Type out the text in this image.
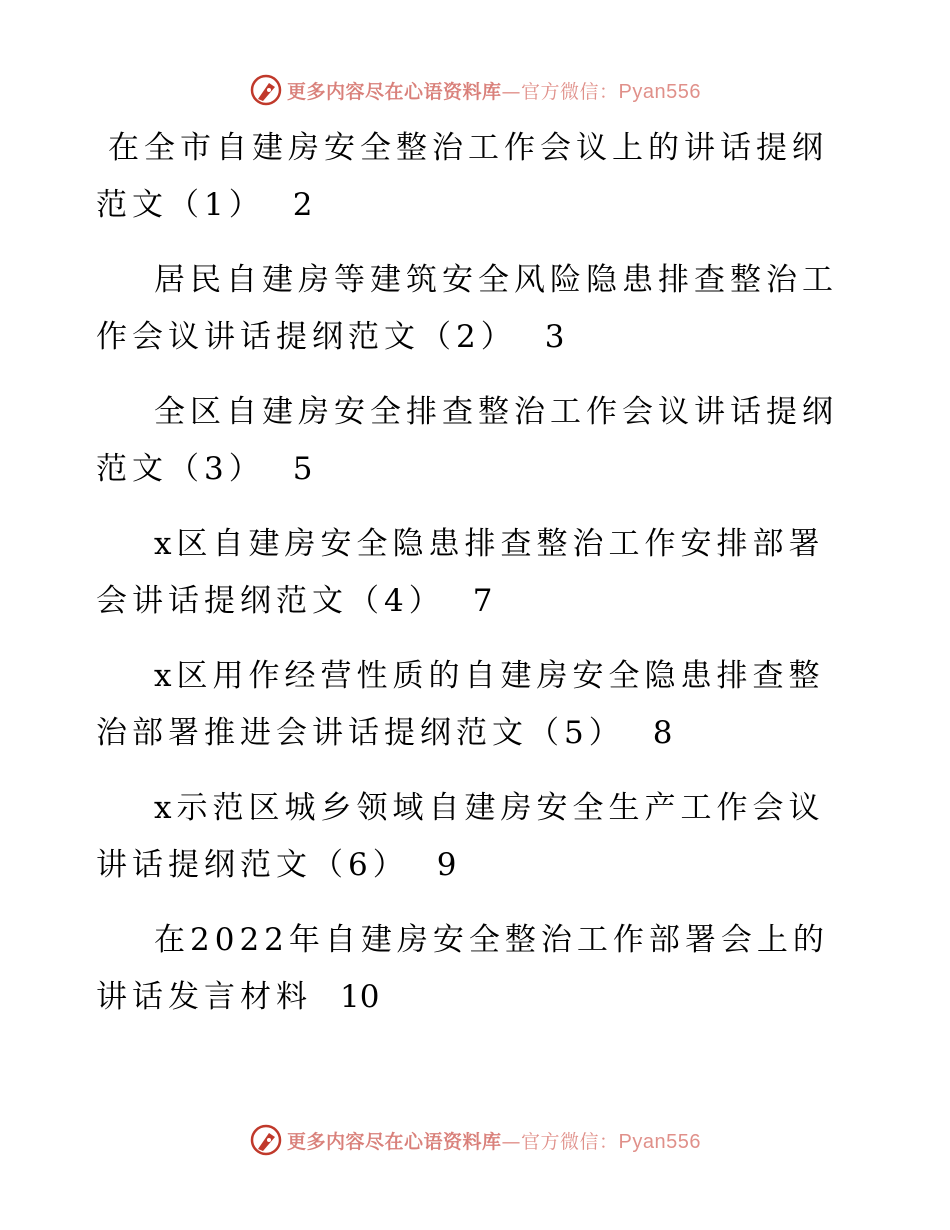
更多内容尽在心语资料库—官方微信：Pyan556
在全市自建房安全整治工作会议上的讲话提纲范文（1） 2
居民自建房等建筑安全风险隐患排查整治工作会议讲话提纲范文（2） 3
全区自建房安全排查整治工作会议讲话提纲范文（3） 5
x区自建房安全隐患排查整治工作安排部署会讲话提纲范文（4） 7
x区用作经营性质的自建房安全隐患排查整治部署推进会讲话提纲范文（5） 8
x示范区城乡领域自建房安全生产工作会议讲话提纲范文（6） 9
在2022年自建房安全整治工作部署会上的讲话发言材料 10
更多内容尽在心语资料库—官方微信：Pyan556
